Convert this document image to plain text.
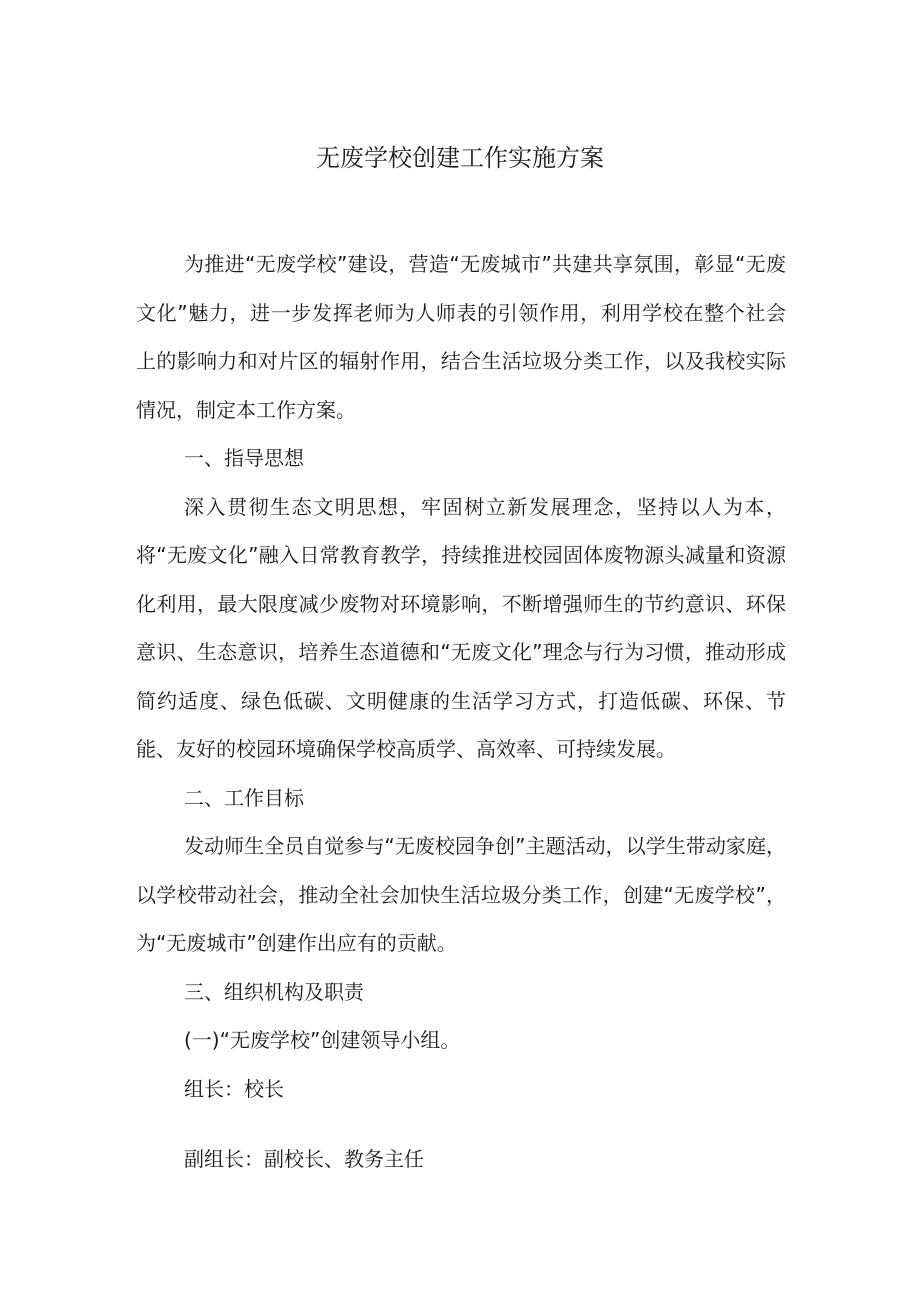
无废学校创建工作实施方案

为推进“无废学校”建设，营造“无废城市”共建共享氛围，彰显“无废文化”魅力，进一步发挥老师为人师表的引领作用，利用学校在整个社会上的影响力和对片区的辐射作用，结合生活垃圾分类工作，以及我校实际情况，制定本工作方案。

一、指导思想

深入贯彻生态文明思想，牢固树立新发展理念，坚持以人为本，将“无废文化”融入日常教育教学，持续推进校园固体废物源头减量和资源化利用，最大限度减少废物对环境影响，不断增强师生的节约意识、环保意识、生态意识，培养生态道德和“无废文化”理念与行为习惯，推动形成简约适度、绿色低碳、文明健康的生活学习方式，打造低碳、环保、节能、友好的校园环境确保学校高质学、高效率、可持续发展。

二、工作目标

发动师生全员自觉参与“无废校园争创”主题活动，以学生带动家庭，以学校带动社会，推动全社会加快生活垃圾分类工作，创建“无废学校”，为“无废城市”创建作出应有的贡献。

三、组织机构及职责

(一)“无废学校”创建领导小组。

组长：校长

副组长：副校长、教务主任
